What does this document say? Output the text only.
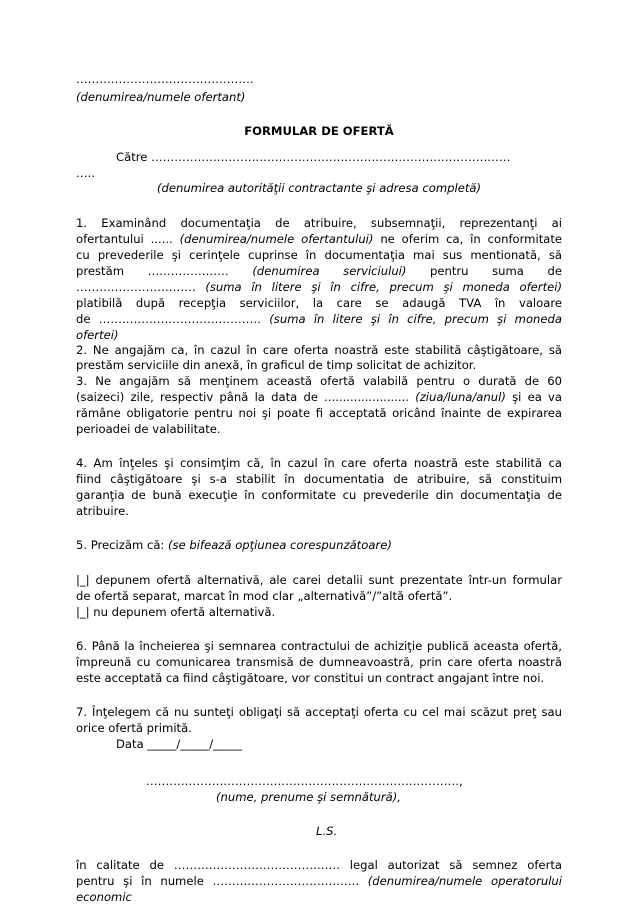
……………………………………….
(denumirea/numele ofertant)
FORMULAR DE OFERTĂ
Către …………………………………………………………………………………
…..
(denumirea autorităţii contractante şi adresa completă)
1. Examinând documentaţia de atribuire, subsemnaţii, reprezentanţi ai
ofertantului ...... (denumirea/numele ofertantului) ne oferim ca, în conformitate
cu prevederile şi cerinţele cuprinse în documentaţia mai sus mentionată, să
prestăm ………………… (denumirea serviciului) pentru suma de
…………………………. (suma în litere şi în cifre, precum şi moneda ofertei)
platibilă după recepţia serviciilor, la care se adaugă TVA în valoare
de …………………………………… (suma în litere şi în cifre, precum şi moneda
ofertei)
2. Ne angajăm ca, în cazul în care oferta noastră este stabilită câştigătoare, să
prestăm serviciile din anexă, în graficul de timp solicitat de achizitor.
3. Ne angajăm să menţinem această ofertă valabilă pentru o durată de 60
(saizeci) zile, respectiv până la data de ....................... (ziua/luna/anul) şi ea va
rămâne obligatorie pentru noi şi poate fi acceptată oricând înainte de expirarea
perioadei de valabilitate.
4. Am înţeles şi consimţim că, în cazul în care oferta noastră este stabilită ca
fiind câştigătoare şi s-a stabilit în documentatia de atribuire, să constituim
garanţia de bună execuţie în conformitate cu prevederile din documentaţia de
atribuire.
5. Precizăm că: (se bifează opţiunea corespunzătoare)
|_| depunem ofertă alternativă, ale carei detalii sunt prezentate într-un formular
de ofertă separat, marcat în mod clar „alternativă”/”altă ofertă”.
|_| nu depunem ofertă alternativă.
6. Până la încheierea şi semnarea contractului de achiziţie publică aceasta ofertă,
împreună cu comunicarea transmisă de dumneavoastră, prin care oferta noastră
este acceptată ca fiind câştigătoare, vor constitui un contract angajant între noi.
7. Înţelegem că nu sunteţi obligaţi să acceptaţi oferta cu cel mai scăzut preţ sau
orice ofertă primită.
Data _____/_____/_____
………………………………………………………………………,
(nume, prenume şi semnătură),
L.S.
în calitate de ……………………………………. legal autorizat să semnez oferta
pentru şi în numele ……………………………….. (denumirea/numele operatorului
economic
